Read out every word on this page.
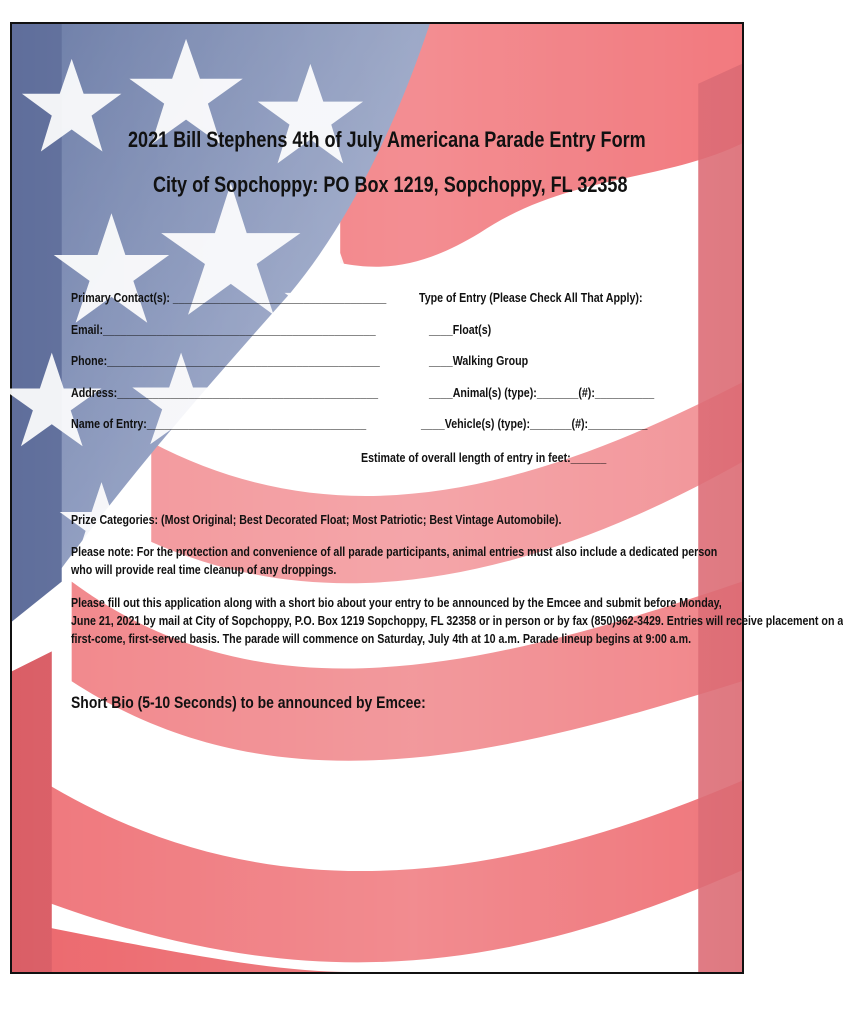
2021 Bill Stephens 4th of July Americana Parade Entry Form
City of Sopchoppy: PO Box 1219, Sopchoppy, FL 32358
Primary Contact(s): ____________________________________
Email:______________________________________________
Phone:______________________________________________
Address:____________________________________________
Name of Entry:_____________________________________
Type of Entry (Please Check All That Apply):
____Float(s)
____Walking Group
____Animal(s) (type):_______(#):__________
____Vehicle(s) (type):_______(#):__________
Estimate of overall length of entry in feet:______
Prize Categories: (Most Original; Best Decorated Float; Most Patriotic; Best Vintage Automobile).
Please note: For the protection and convenience of all parade participants, animal entries must also include a dedicated person
who will provide real time cleanup of any droppings.
Please fill out this application along with a short bio about your entry to be announced by the Emcee and submit before Monday,
June 21, 2021 by mail at City of Sopchoppy, P.O. Box 1219 Sopchoppy, FL 32358 or in person or by fax (850)962-3429. Entries will receive placement on a
first-come, first-served basis. The parade will commence on Saturday, July 4th at 10 a.m. Parade lineup begins at 9:00 a.m.
Short Bio (5-10 Seconds) to be announced by Emcee:
